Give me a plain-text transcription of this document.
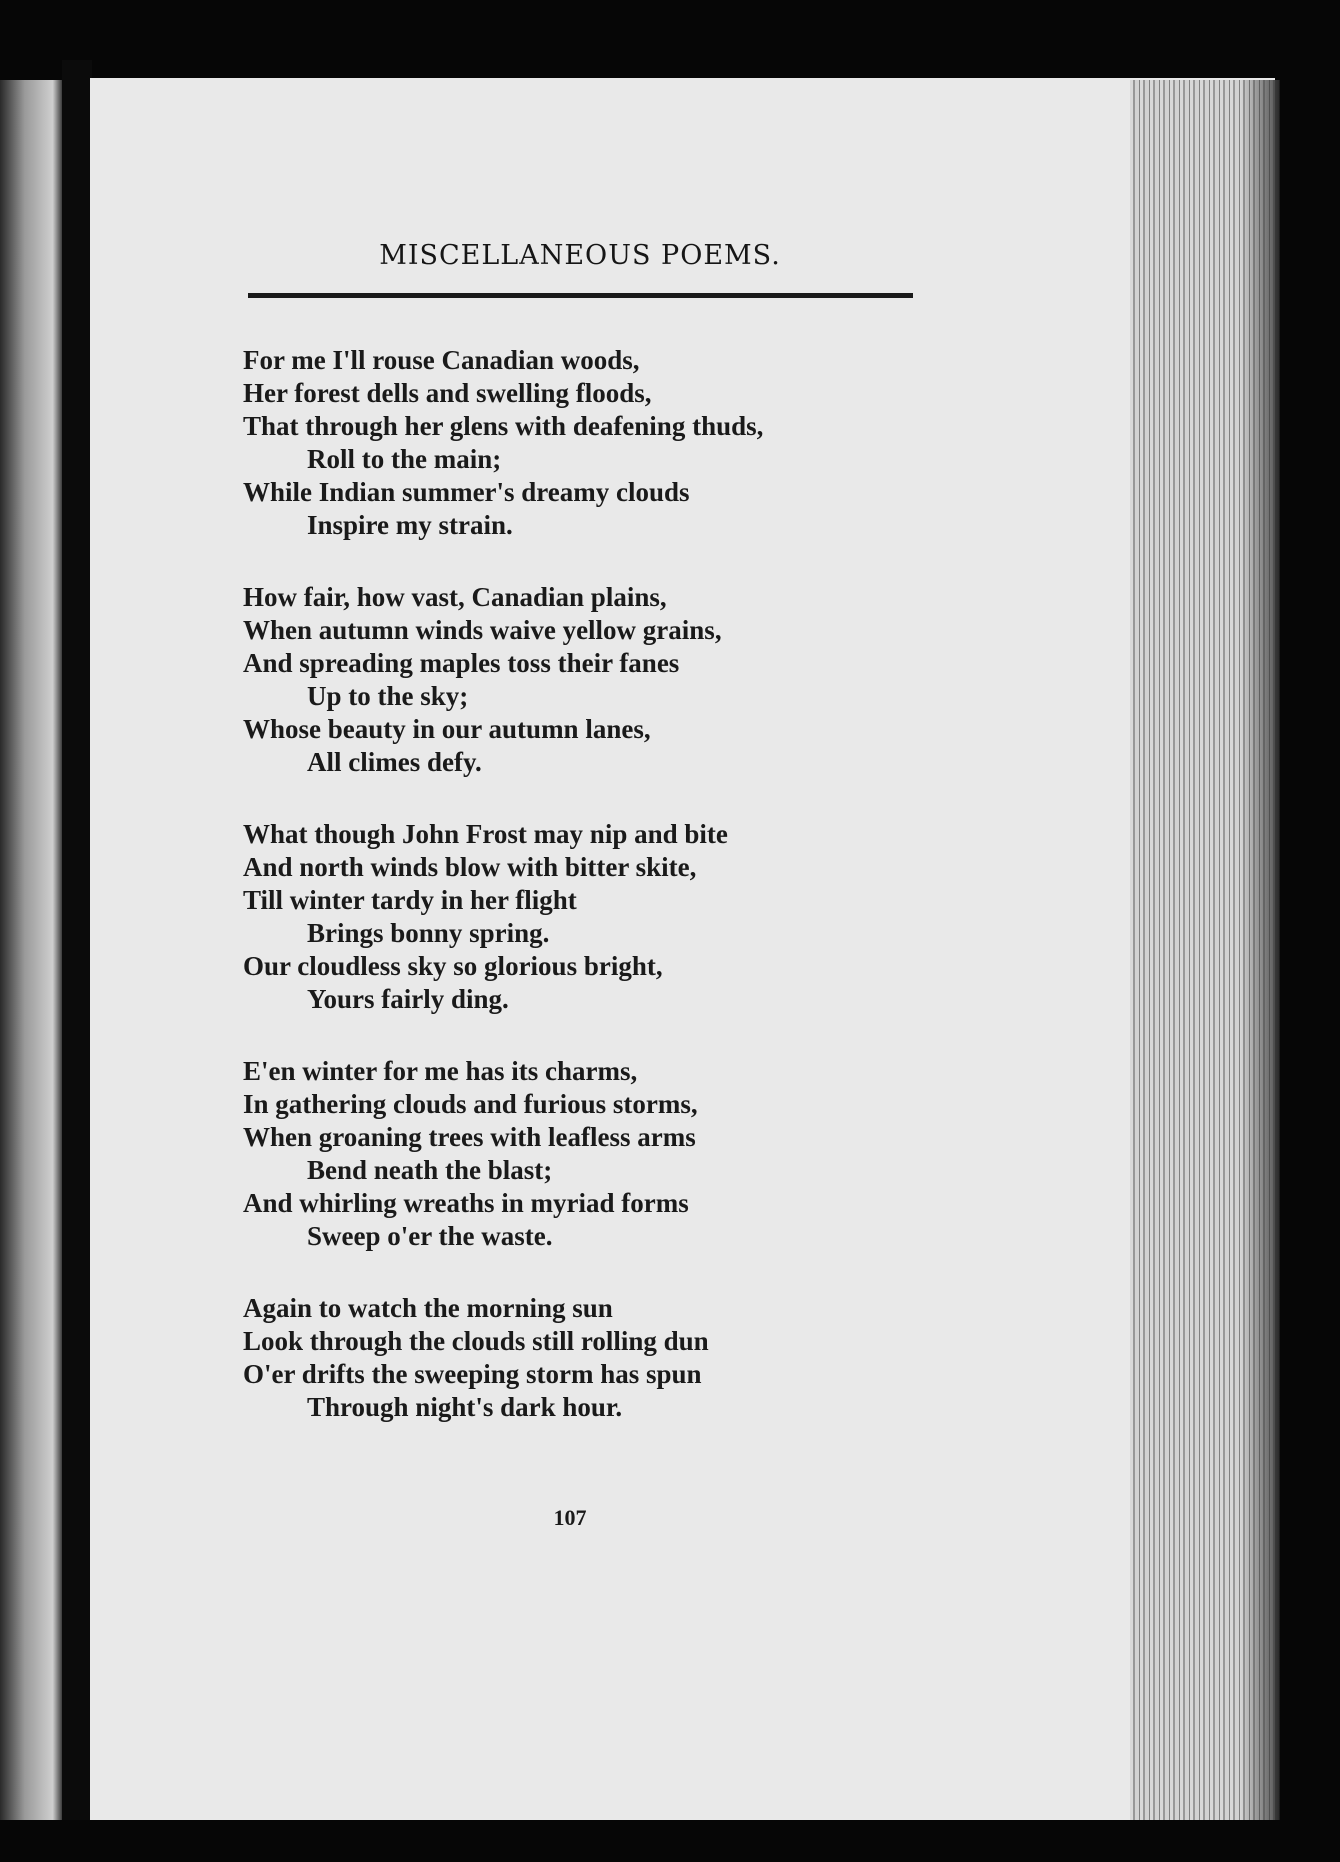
MISCELLANEOUS POEMS.
For me I'll rouse Canadian woods,
Her forest dells and swelling floods,
That through her glens with deafening thuds,
Roll to the main;
While Indian summer's dreamy clouds
Inspire my strain.
How fair, how vast, Canadian plains,
When autumn winds waive yellow grains,
And spreading maples toss their fanes
Up to the sky;
Whose beauty in our autumn lanes,
All climes defy.
What though John Frost may nip and bite
And north winds blow with bitter skite,
Till winter tardy in her flight
Brings bonny spring.
Our cloudless sky so glorious bright,
Yours fairly ding.
E'en winter for me has its charms,
In gathering clouds and furious storms,
When groaning trees with leafless arms
Bend neath the blast;
And whirling wreaths in myriad forms
Sweep o'er the waste.
Again to watch the morning sun
Look through the clouds still rolling dun
O'er drifts the sweeping storm has spun
Through night's dark hour.
107
